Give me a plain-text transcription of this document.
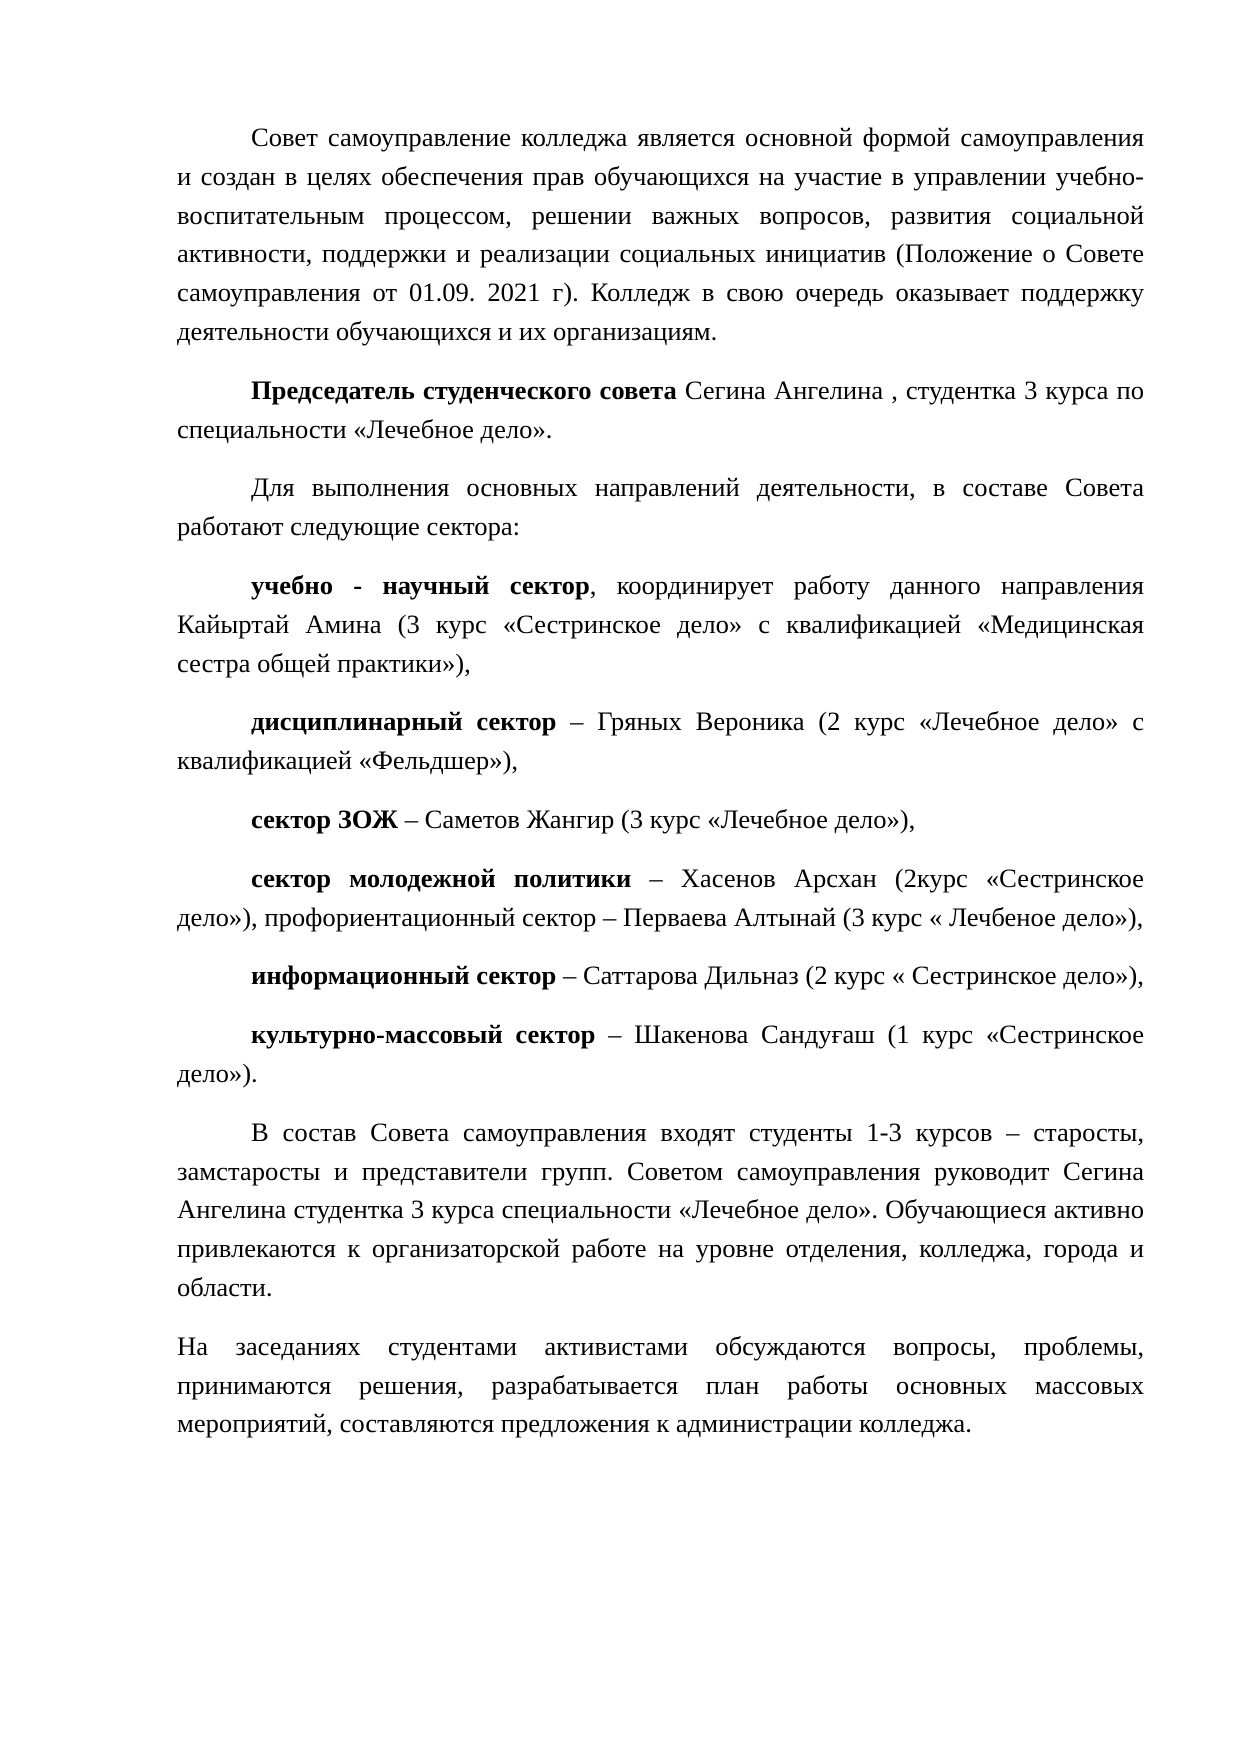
Совет самоуправление колледжа является основной формой самоуправления и создан в целях обеспечения прав обучающихся на участие в управлении учебно-воспитательным процессом, решении важных вопросов, развития социальной активности, поддержки и реализации социальных инициатив (Положение о Совете самоуправления от 01.09. 2021 г). Колледж в свою очередь оказывает поддержку деятельности обучающихся и их организациям.

Председатель студенческого совета Сегина Ангелина , студентка 3 курса по специальности «Лечебное дело».

Для выполнения основных направлений деятельности, в составе Совета работают следующие сектора:

учебно - научный сектор, координирует работу данного направления Кайыртай Амина (3 курс «Сестринское дело» с квалификацией «Медицинская сестра общей практики»),

дисциплинарный сектор – Гряных Вероника (2 курс «Лечебное дело» с квалификацией «Фельдшер»),

сектор ЗОЖ – Саметов Жангир (3 курс «Лечебное дело»),

сектор молодежной политики – Хасенов Арсхан (2курс «Сестринское дело»), профориентационный сектор – Перваева Алтынай (3 курс « Лечбеное дело»),

информационный сектор – Саттарова Дильназ (2 курс « Сестринское дело»),

культурно-массовый сектор – Шакенова Сандуғаш (1 курс «Сестринское дело»).

В состав Совета самоуправления входят студенты 1-3 курсов – старосты, замстаросты и представители групп. Советом самоуправления руководит Сегина Ангелина студентка 3 курса специальности «Лечебное дело». Обучающиеся активно привлекаются к организаторской работе на уровне отделения, колледжа, города и области.

На заседаниях студентами активистами обсуждаются вопросы, проблемы, принимаются решения, разрабатывается план работы основных массовых мероприятий, составляются предложения к администрации колледжа.
